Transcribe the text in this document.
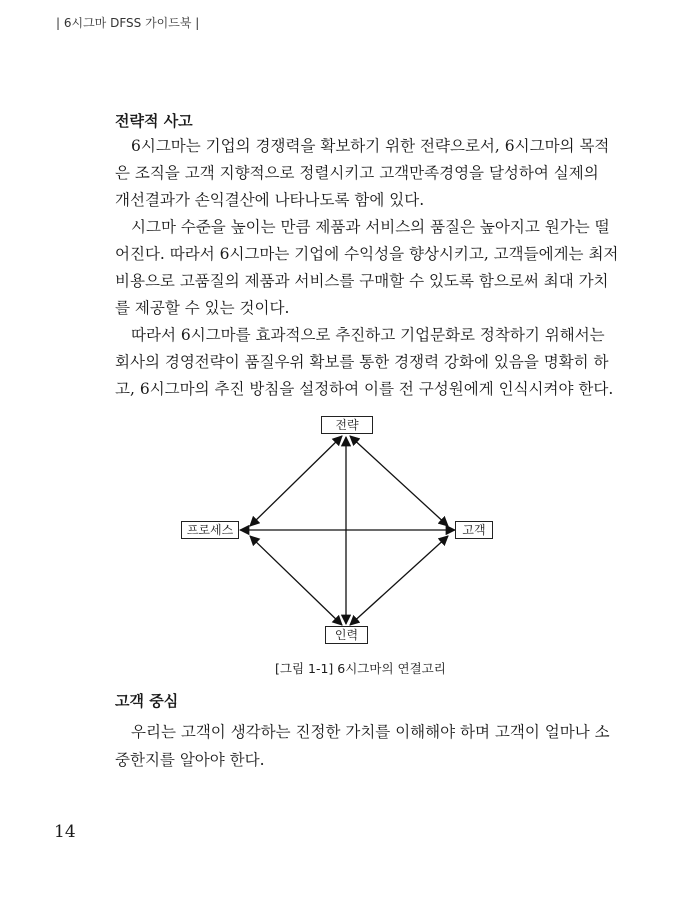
| 6시그마 DFSS 가이드북 |
전략적 사고
6시그마는 기업의 경쟁력을 확보하기 위한 전략으로서, 6시그마의 목적
은 조직을 고객 지향적으로 정렬시키고 고객만족경영을 달성하여 실제의
개선결과가 손익결산에 나타나도록 함에 있다.
시그마 수준을 높이는 만큼 제품과 서비스의 품질은 높아지고 원가는 떨
어진다. 따라서 6시그마는 기업에 수익성을 향상시키고, 고객들에게는 최저
비용으로 고품질의 제품과 서비스를 구매할 수 있도록 함으로써 최대 가치
를 제공할 수 있는 것이다.
따라서 6시그마를 효과적으로 추진하고 기업문화로 정착하기 위해서는
회사의 경영전략이 품질우위 확보를 통한 경쟁력 강화에 있음을 명확히 하
고, 6시그마의 추진 방침을 설정하여 이를 전 구성원에게 인식시켜야 한다.
전략
프로세스	고객
인력
[그림 1-1] 6시그마의 연결고리
고객 중심
우리는 고객이 생각하는 진정한 가치를 이해해야 하며 고객이 얼마나 소
중한지를 알아야 한다.
14
